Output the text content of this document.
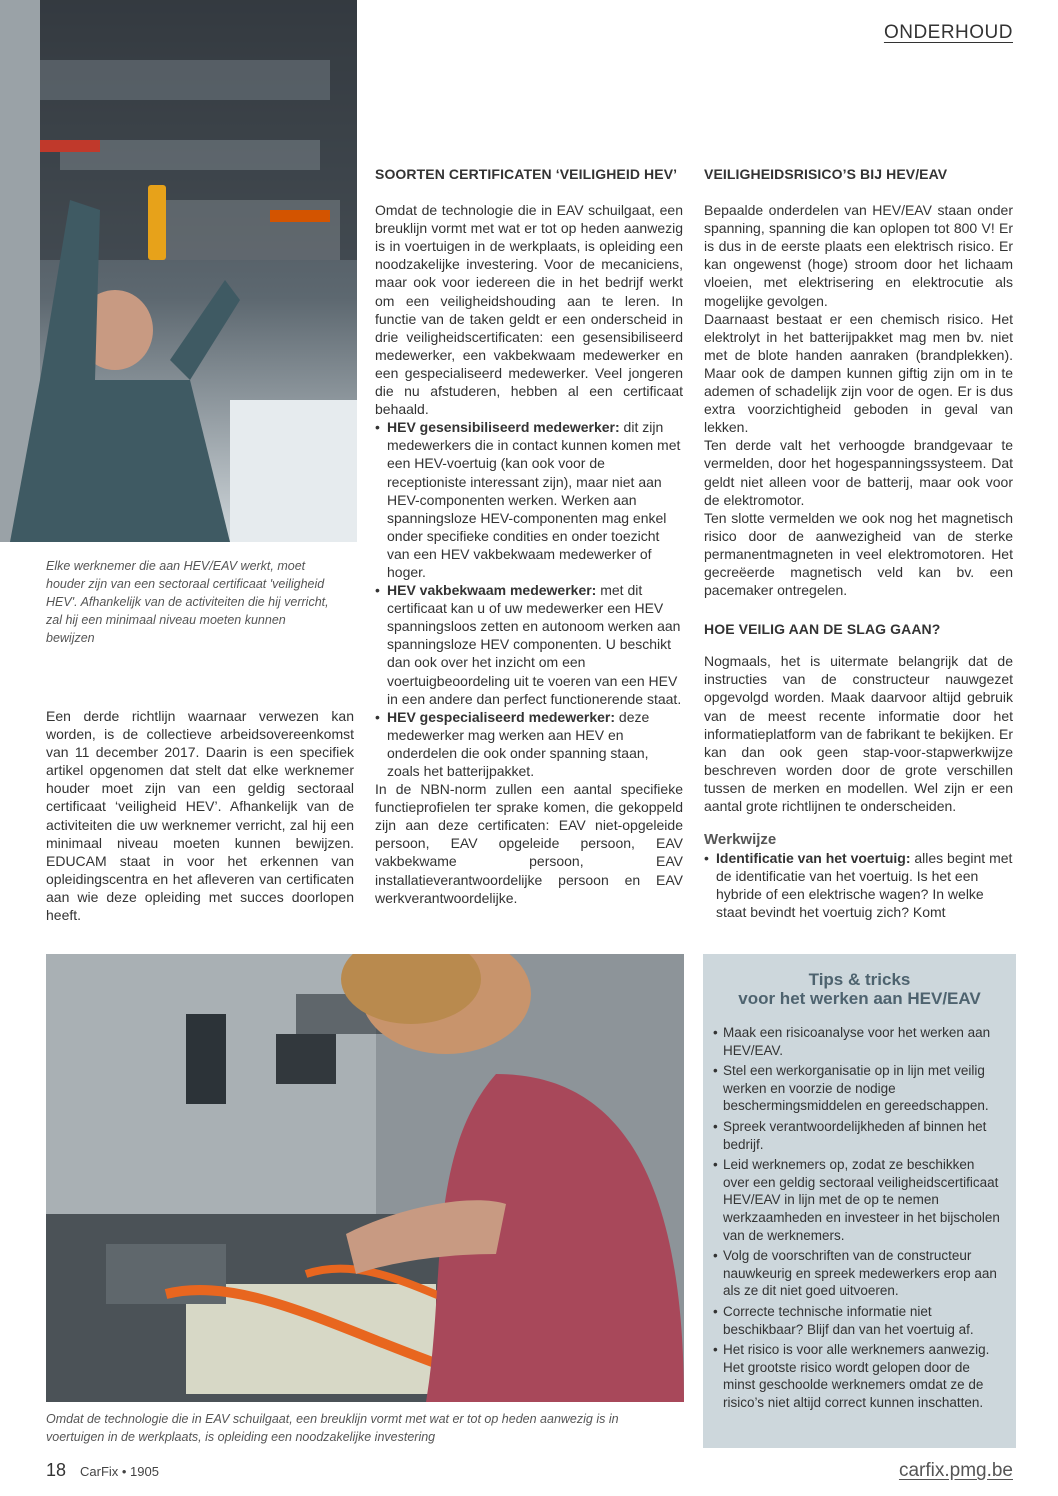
ONDERHOUD
Elke werknemer die aan HEV/EAV werkt, moet houder zijn van een sectoraal certificaat 'veiligheid HEV'. Afhankelijk van de activiteiten die hij verricht, zal hij een minimaal niveau moeten kunnen bewijzen

Een derde richtlijn waarnaar verwezen kan worden, is de collectieve arbeidsovereenkomst van 11 december 2017. Daarin is een specifiek artikel opgenomen dat stelt dat elke werknemer houder moet zijn van een geldig sectoraal certificaat ‘veiligheid HEV’. Afhankelijk van de activiteiten die uw werknemer verricht, zal hij een minimaal niveau moeten kunnen bewijzen. EDUCAM staat in voor het erkennen van opleidingscentra en het afleveren van certificaten aan wie deze opleiding met succes doorlopen heeft.

SOORTEN CERTIFICATEN ‘VEILIGHEID HEV’

Omdat de technologie die in EAV schuilgaat, een breuklijn vormt met wat er tot op heden aanwezig is in voertuigen in de werkplaats, is opleiding een noodzakelijke investering. Voor de mecaniciens, maar ook voor iedereen die in het bedrijf werkt om een veiligheidshouding aan te leren. In functie van de taken geldt er een onderscheid in drie veiligheidscertificaten: een gesensibiliseerd medewerker, een vakbekwaam medewerker en een gespecialiseerd medewerker. Veel jongeren die nu afstuderen, hebben al een certificaat behaald.

• HEV gesensibiliseerd medewerker: dit zijn medewerkers die in contact kunnen komen met een HEV-voertuig (kan ook voor de receptioniste interessant zijn), maar niet aan HEV-componenten werken. Werken aan spanningsloze HEV-componenten mag enkel onder specifieke condities en onder toezicht van een HEV vakbekwaam medewerker of hoger.
• HEV vakbekwaam medewerker: met dit certificaat kan u of uw medewerker een HEV spanningsloos zetten en autonoom werken aan spanningsloze HEV componenten. U beschikt dan ook over het inzicht om een voertuigbeoordeling uit te voeren van een HEV in een andere dan perfect functionerende staat.
• HEV gespecialiseerd medewerker: deze medewerker mag werken aan HEV en onderdelen die ook onder spanning staan, zoals het batterijpakket.

In de NBN-norm zullen een aantal specifieke functieprofielen ter sprake komen, die gekoppeld zijn aan deze certificaten: EAV niet-opgeleide persoon, EAV opgeleide persoon, EAV vakbekwame persoon, EAV installatieverantwoordelijke persoon en EAV werkverantwoordelijke.

VEILIGHEIDSRISICO’S BIJ HEV/EAV

Bepaalde onderdelen van HEV/EAV staan onder spanning, spanning die kan oplopen tot 800 V! Er is dus in de eerste plaats een elektrisch risico. Er kan ongewenst (hoge) stroom door het lichaam vloeien, met elektrisering en elektrocutie als mogelijke gevolgen.

Daarnaast bestaat er een chemisch risico. Het elektrolyt in het batterijpakket mag men bv. niet met de blote handen aanraken (brandplekken). Maar ook de dampen kunnen giftig zijn om in te ademen of schadelijk zijn voor de ogen. Er is dus extra voorzichtigheid geboden in geval van lekken.

Ten derde valt het verhoogde brandgevaar te vermelden, door het hogespanningssysteem. Dat geldt niet alleen voor de batterij, maar ook voor de elektromotor.

Ten slotte vermelden we ook nog het magnetisch risico door de aanwezigheid van de sterke permanentmagneten in veel elektromotoren. Het gecreëerde magnetisch veld kan bv. een pacemaker ontregelen.

HOE VEILIG AAN DE SLAG GAAN?

Nogmaals, het is uitermate belangrijk dat de instructies van de constructeur nauwgezet opgevolgd worden. Maak daarvoor altijd gebruik van de meest recente informatie door het informatieplatform van de fabrikant te bekijken. Er kan dan ook geen stap-voor-stapwerkwijze beschreven worden door de grote verschillen tussen de merken en modellen. Wel zijn er een aantal grote richtlijnen te onderscheiden.

Werkwijze
• Identificatie van het voertuig: alles begint met de identificatie van het voertuig. Is het een hybride of een elektrische wagen? In welke staat bevindt het voertuig zich? Komt
Omdat de technologie die in EAV schuilgaat, een breuklijn vormt met wat er tot op heden aanwezig is in voertuigen in de werkplaats, is opleiding een noodzakelijke investering
Tips & tricks
voor het werken aan HEV/EAV
• Maak een risicoanalyse voor het werken aan HEV/EAV.
• Stel een werkorganisatie op in lijn met veilig werken en voorzie de nodige beschermingsmiddelen en gereedschappen.
• Spreek verantwoordelijkheden af binnen het bedrijf.
• Leid werknemers op, zodat ze beschikken over een geldig sectoraal veiligheidscertificaat HEV/EAV in lijn met de op te nemen werkzaamheden en investeer in het bijscholen van de werknemers.
• Volg de voorschriften van de constructeur nauwkeurig en spreek medewerkers erop aan als ze dit niet goed uitvoeren.
• Correcte technische informatie niet beschikbaar? Blijf dan van het voertuig af.
• Het risico is voor alle werknemers aanwezig. Het grootste risico wordt gelopen door de minst geschoolde werknemers omdat ze de risico’s niet altijd correct kunnen inschatten.
18 CarFix • 1905	carfix.pmg.be
